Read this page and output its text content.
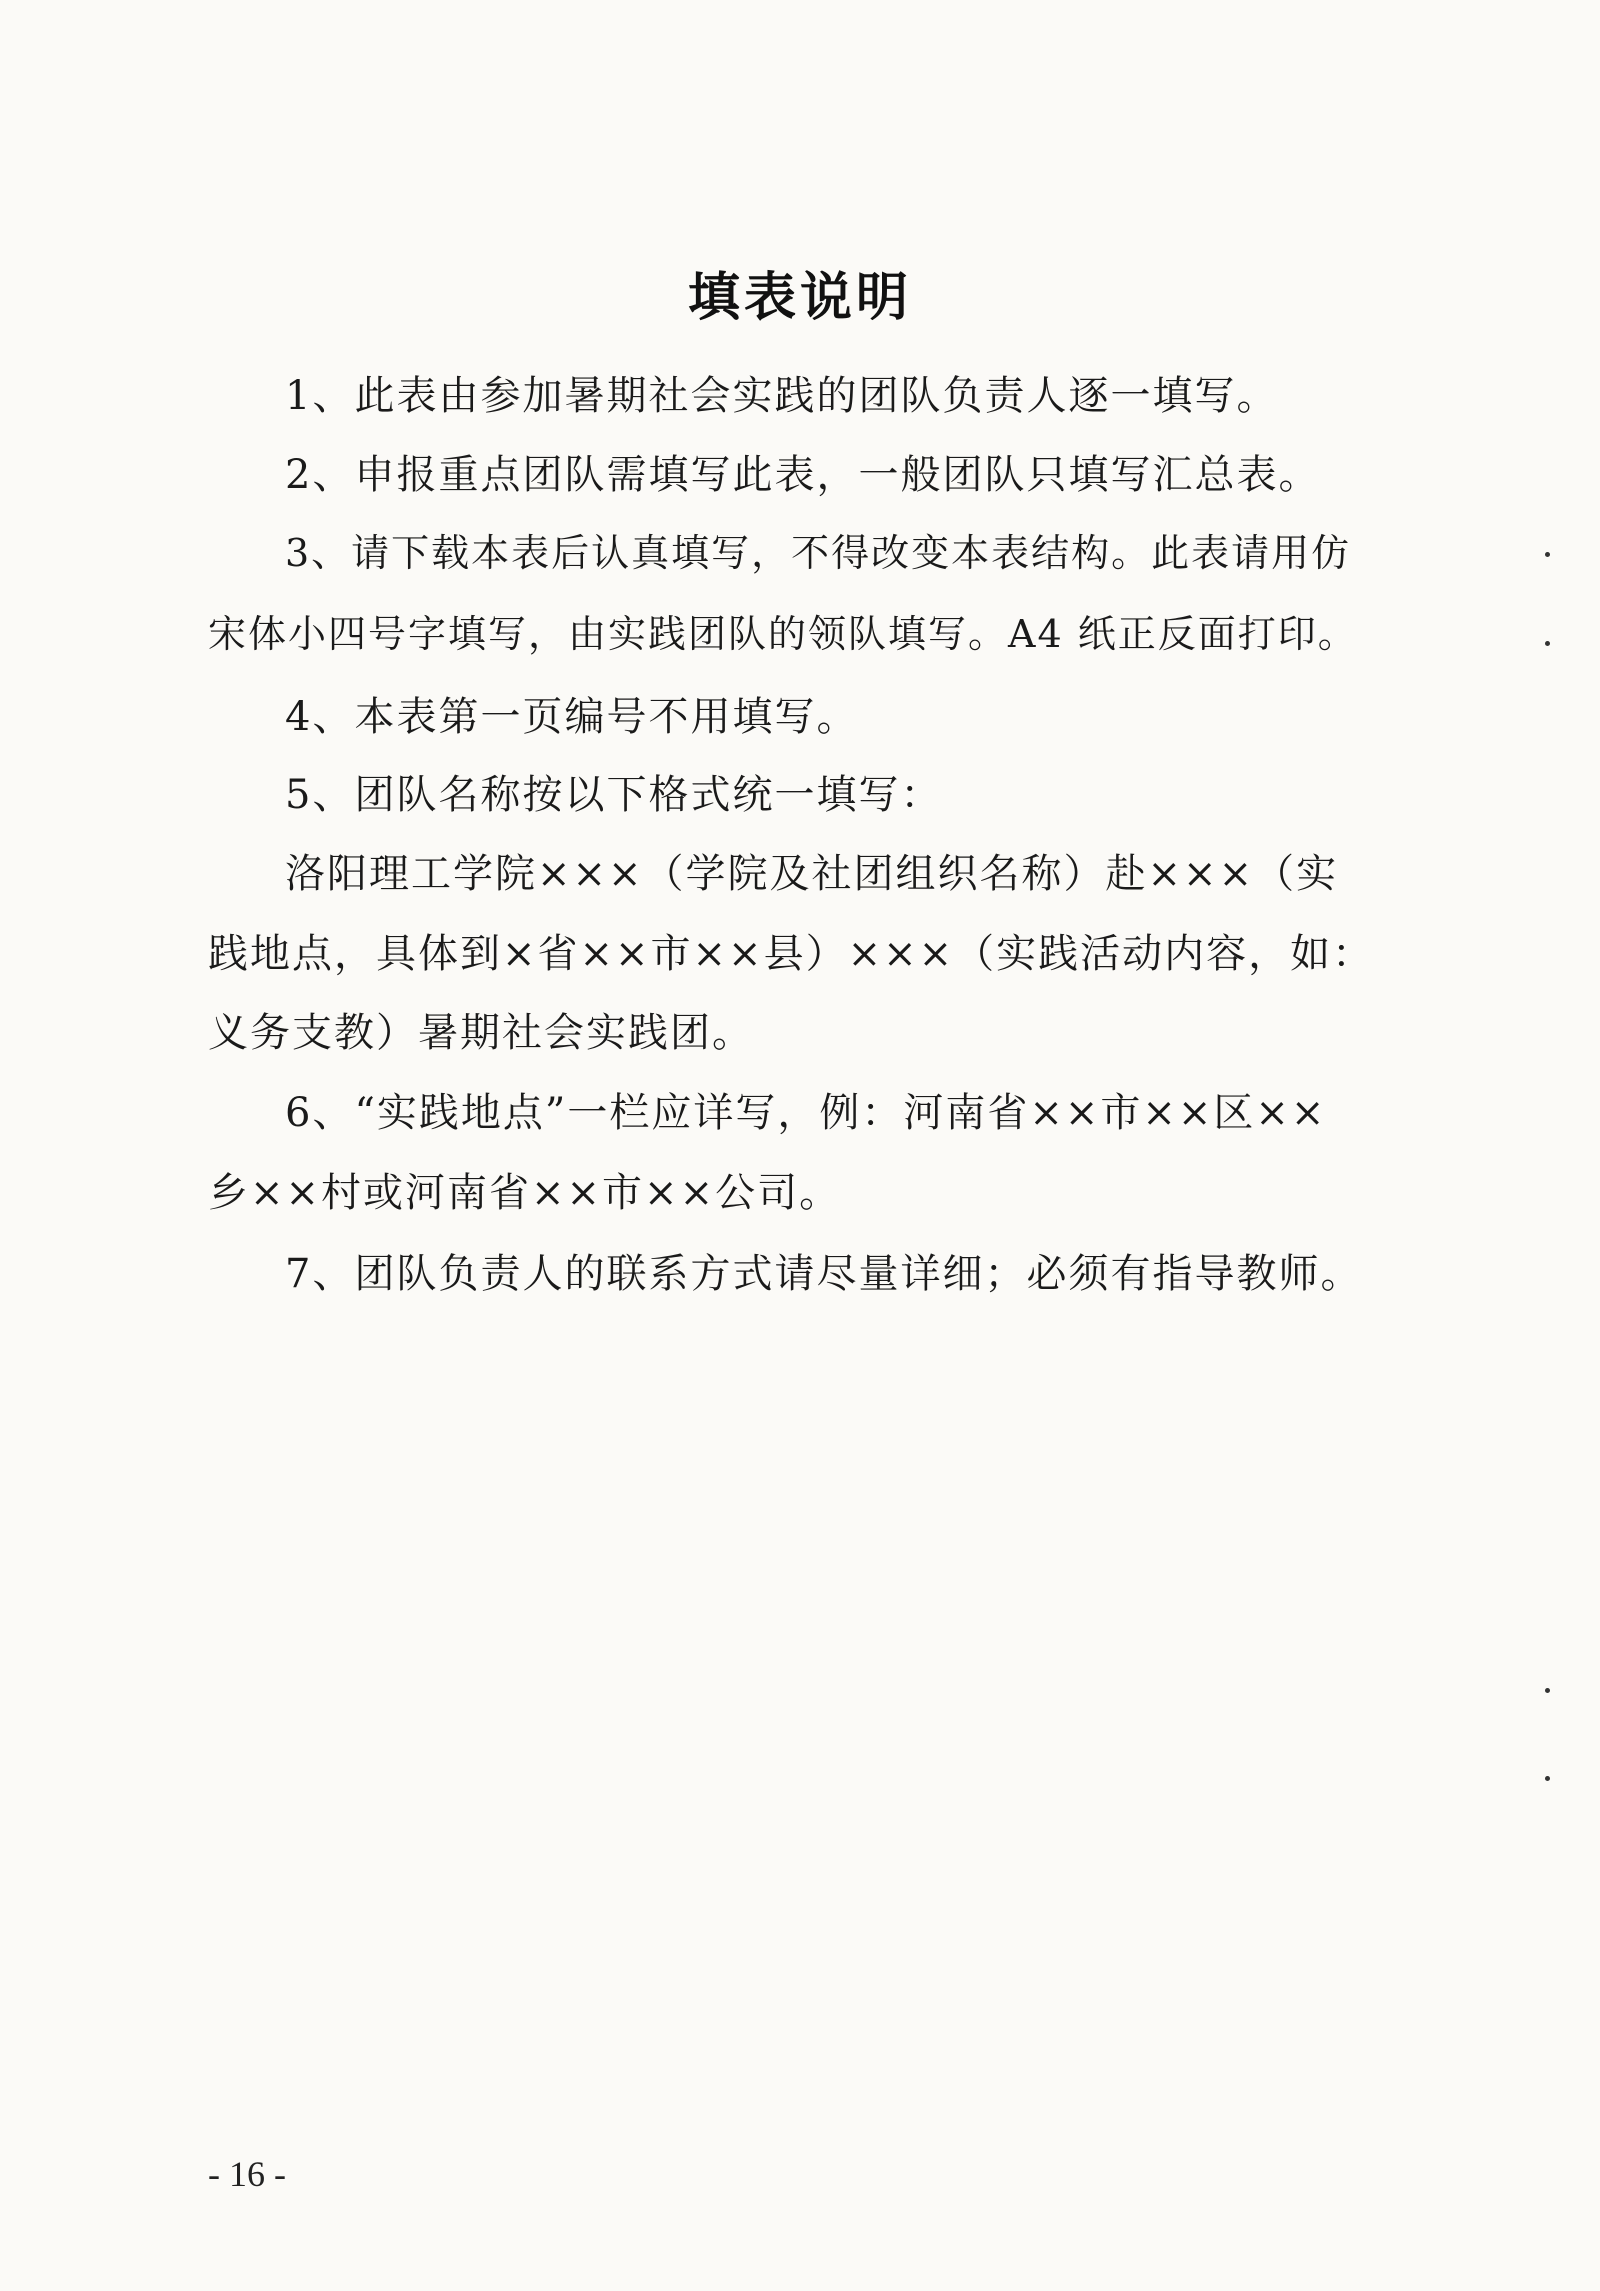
填表说明
1、此表由参加暑期社会实践的团队负责人逐一填写。
2、申报重点团队需填写此表，一般团队只填写汇总表。
3、请下载本表后认真填写，不得改变本表结构。此表请用仿
宋体小四号字填写，由实践团队的领队填写。A4 纸正反面打印。
4、本表第一页编号不用填写。
5、团队名称按以下格式统一填写：
洛阳理工学院×××（学院及社团组织名称）赴×××（实
践地点，具体到×省××市××县）×××（实践活动内容，如：
义务支教）暑期社会实践团。
6、“实践地点”一栏应详写，例：河南省××市××区××
乡××村或河南省××市××公司。
7、团队负责人的联系方式请尽量详细；必须有指导教师。
- 16 -
